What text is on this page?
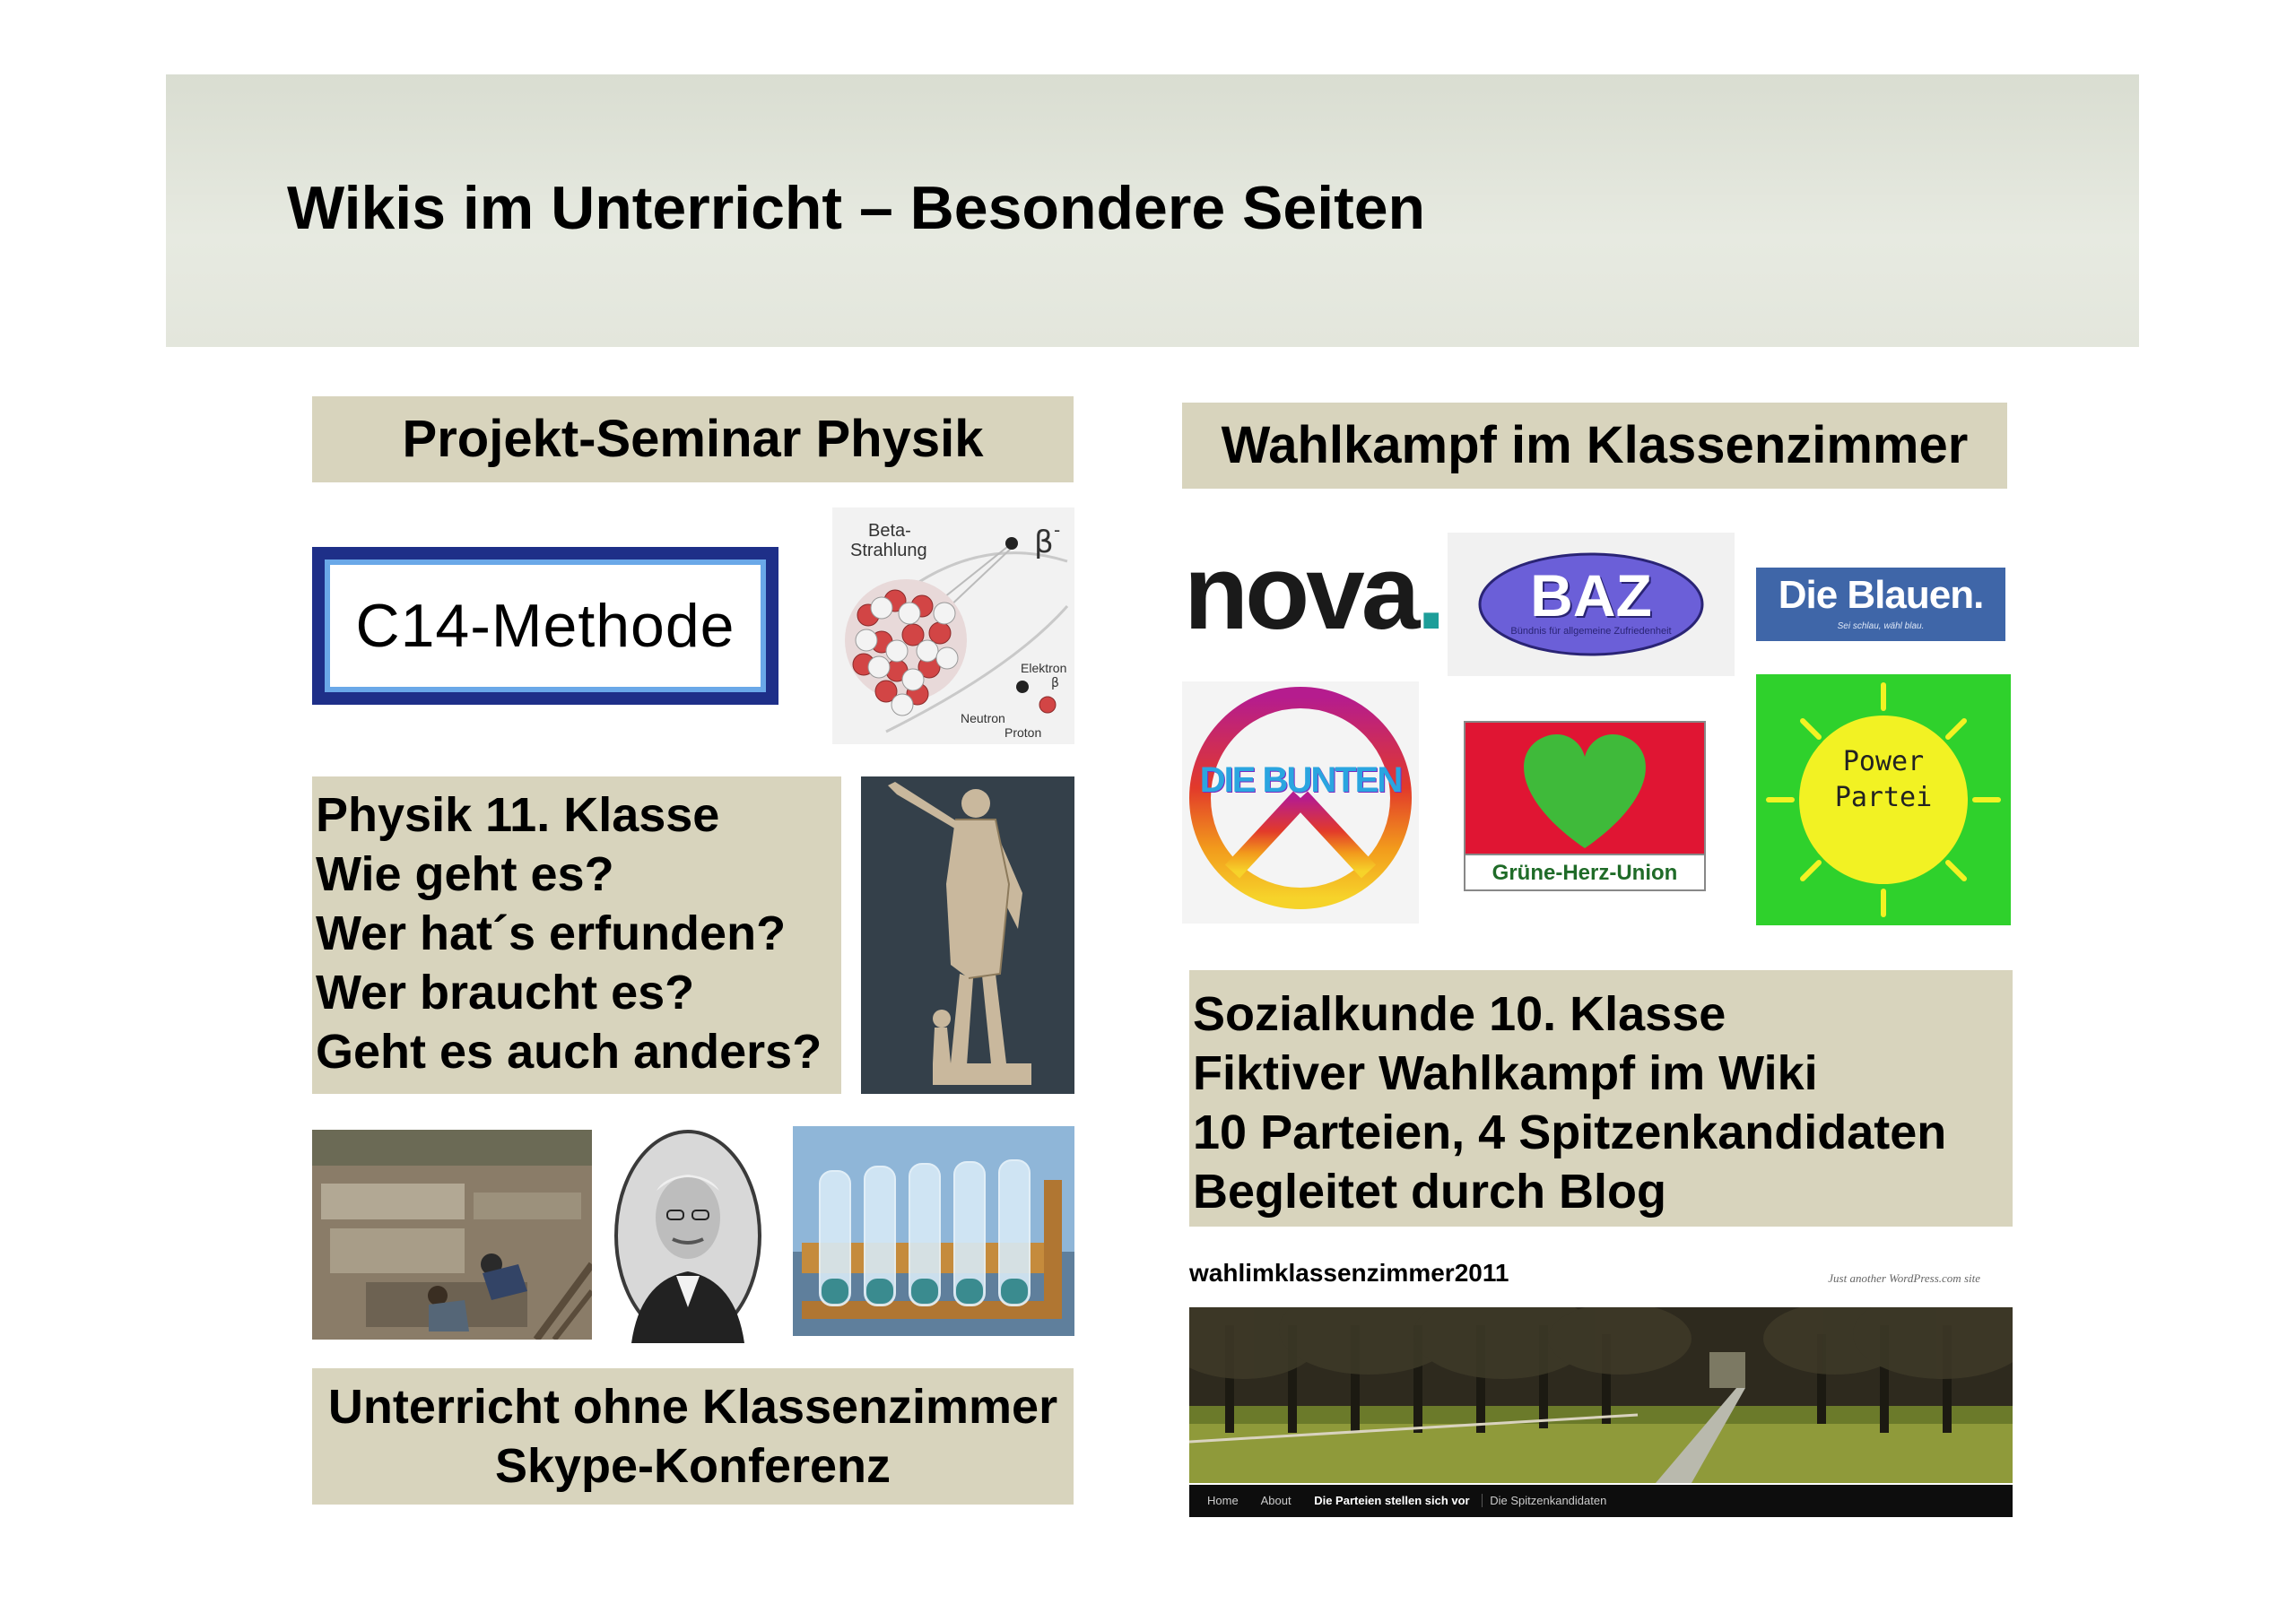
Wikis im Unterricht – Besondere Seiten
Projekt-Seminar Physik
C14-Methode
Beta-
Strahlung	β -
Elektron
β
Neutron
Proton
Physik 11. Klasse
Wie geht es?
Wer hat´s erfunden?
Wer braucht es?
Geht es auch anders?
Unterricht ohne Klassenzimmer
Skype-Konferenz
Wahlkampf im Klassenzimmer
nova.	BAZ
Bündnis für allgemeine Zufriedenheit
Die Blauen.
Sei schlau, wähl blau.
DIE BUNTEN
Grüne-Herz-Union
Power
Partei
Sozialkunde 10. Klasse
Fiktiver Wahlkampf im Wiki
10 Parteien, 4 Spitzenkandidaten
Begleitet durch Blog
wahlimklassenzimmer2011	Just another WordPress.com site
Home About Die Parteien stellen sich vor Die Spitzenkandidaten
